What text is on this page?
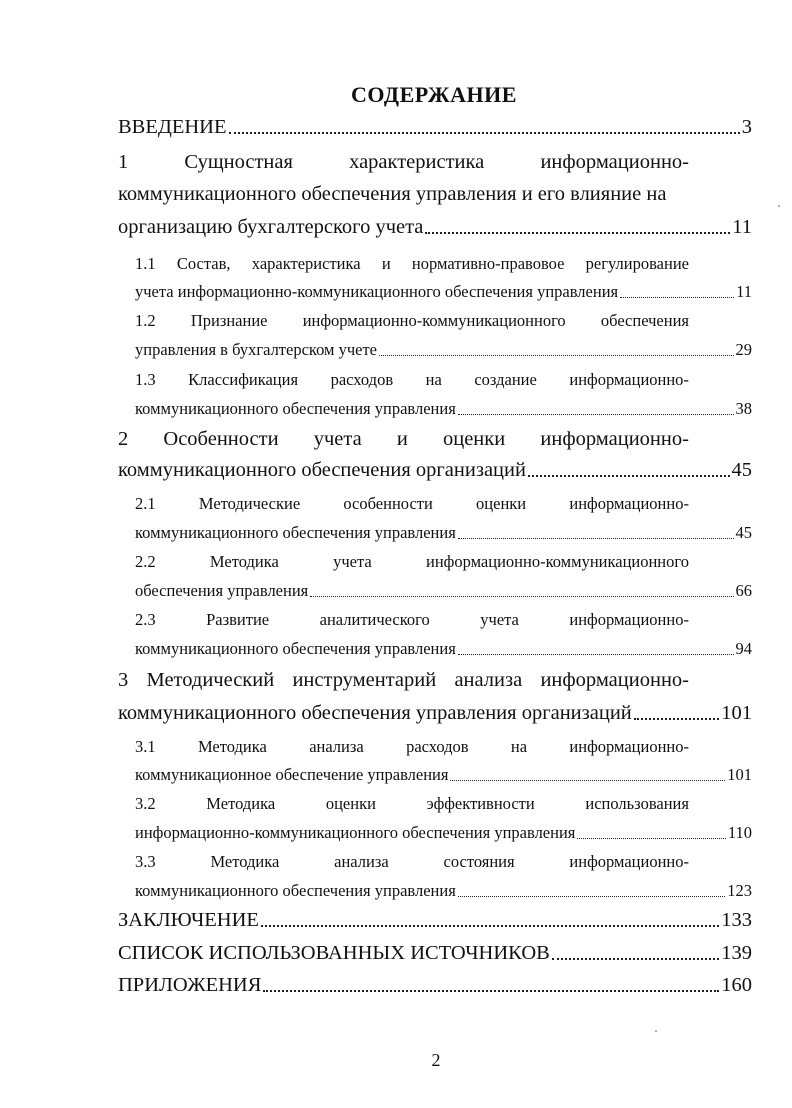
СОДЕРЖАНИЕ
ВВЕДЕНИЕ	3
1	Сущностная	характеристика	информационно-
коммуникационного обеспечения управления и его влияние на
организацию бухгалтерского учета	11
1.1 Состав, характеристика и нормативно-правовое регулирование
учета информационно-коммуникационного обеспечения управления	11
1.2 Признание информационно-коммуникационного обеспечения
управления в бухгалтерском учете	29
1.3 Классификация расходов на создание информационно-
коммуникационного обеспечения управления	38
2 Особенности учета и оценки информационно-
коммуникационного обеспечения организаций	45
2.1	Методические	особенности	оценки	информационно-
коммуникационного обеспечения управления	45
2.2	Методика	учета	информационно-коммуникационного
обеспечения управления	66
2.3	Развитие	аналитического	учета	информационно-
коммуникационного обеспечения управления	94
3 Методический инструментарий анализа информационно-
коммуникационного обеспечения управления организаций	101
3.1	Методика	анализа	расходов	на	информационно-
коммуникационное обеспечение управления	101
3.2	Методика	оценки	эффективности	использования
информационно-коммуникационного обеспечения управления	110
3.3	Методика	анализа	состояния	информационно-
коммуникационного обеспечения управления	123
ЗАКЛЮЧЕНИЕ	133
СПИСОК ИСПОЛЬЗОВАННЫХ ИСТОЧНИКОВ	139
ПРИЛОЖЕНИЯ	160
2
